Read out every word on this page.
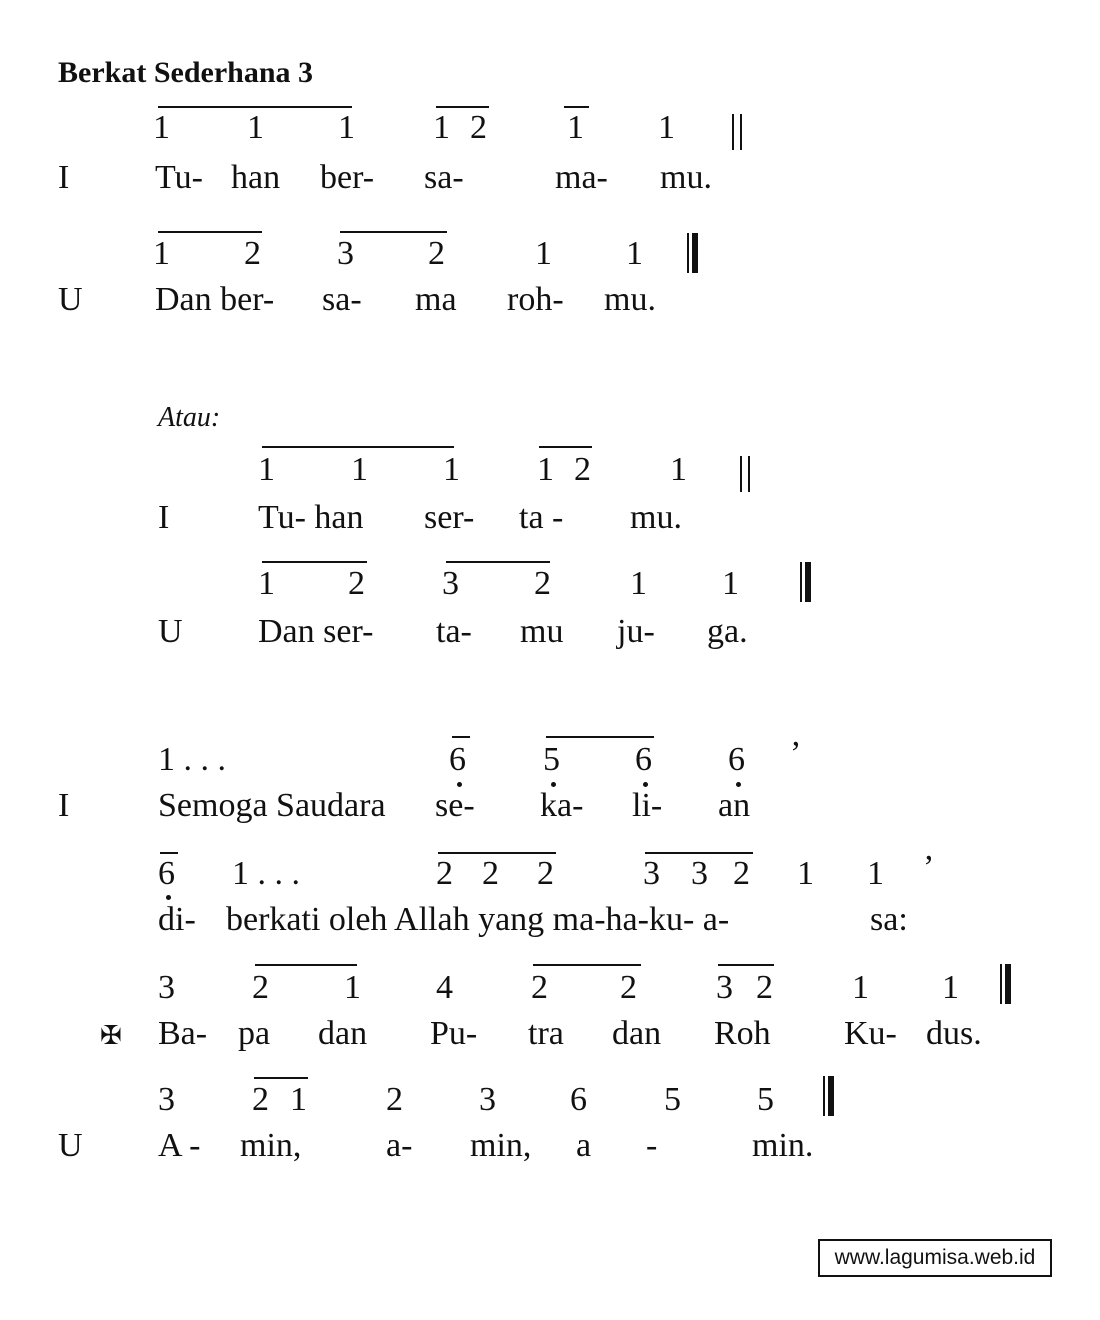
Berkat Sederhana 3
1 1 1 1 2 1 1
I	Tu- han ber- sa-	ma- mu.
1 2 3 2	1 1
U Dan ber- sa- ma roh- mu.
Atau:
1 1 1 1 2 1
I	Tu- han ser- ta - mu.
1 2 3 2 1 1
U Dan ser- ta- mu ju- ga.
1 . . .	6 5 6 6 ’
I	Semoga Saudara se- ka- li- an
6 1 . . .	2 2 2	3 3 2 1 1 ’
di- berkati oleh Allah yang ma-ha-ku- a-	sa:
3 2 1 4 2 2 3 2 1 1
✠ Ba- pa dan Pu- tra dan Roh Ku- dus.
3 2 1 2 3 6 5 5
U A - min, a- min, a -	min.
www.lagumisa.web.id
